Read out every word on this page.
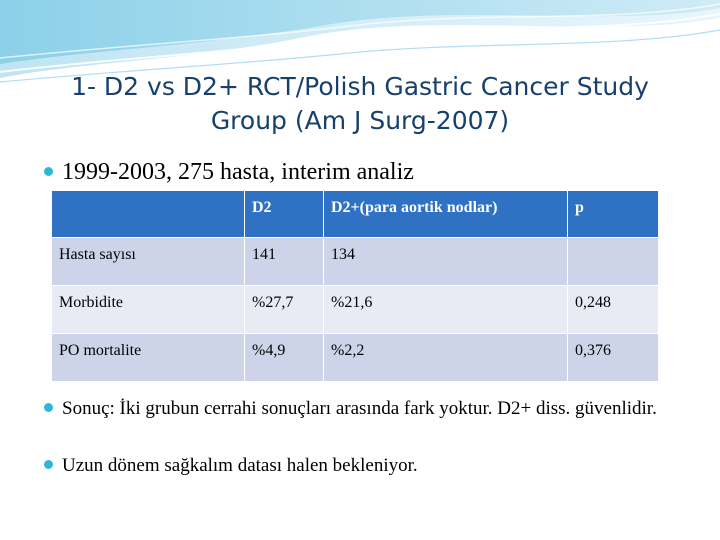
1- D2 vs D2+ RCT/Polish Gastric Cancer Study Group (Am J Surg-2007)
1999-2003, 275 hasta, interim analiz
	D2	D2+(para aortik nodlar)	p
Hasta sayısı	141	134	
Morbidite	%27,7	%21,6	0,248
PO mortalite	%4,9	%2,2	0,376
Sonuç: İki grubun cerrahi sonuçları arasında fark yoktur. D2+ diss. güvenlidir.
Uzun dönem sağkalım datası halen bekleniyor.
